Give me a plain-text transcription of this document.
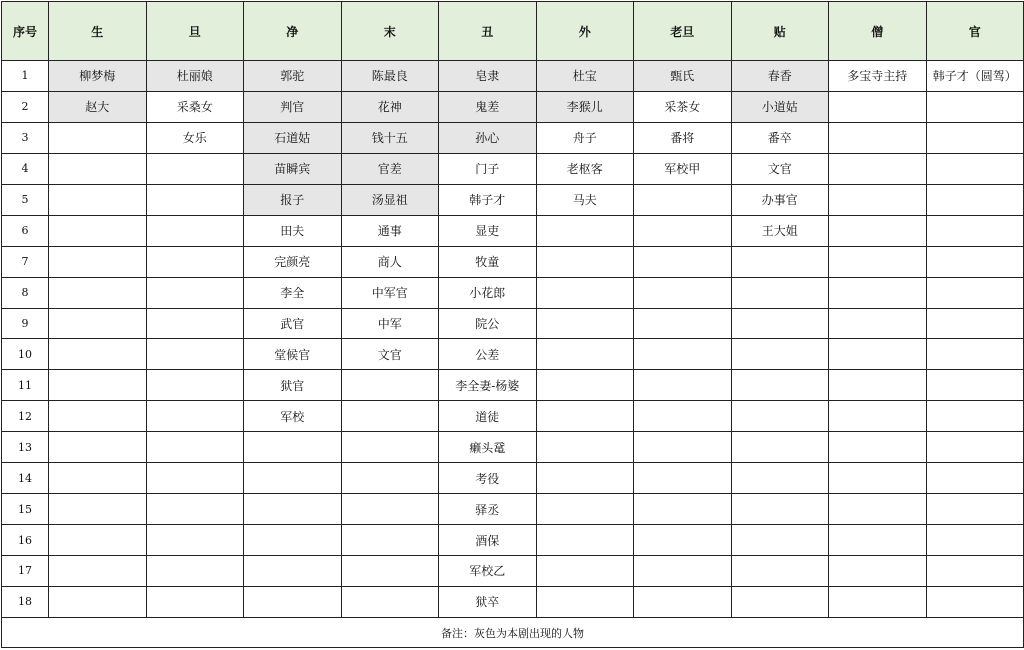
序号	生	旦	净	末	丑	外	老旦	贴	僧	官
1	柳梦梅	杜丽娘	郭驼	陈最良	皂隶	杜宝	甄氏	春香	多宝寺主持	韩子才（圆驾）
2	赵大	采桑女	判官	花神	鬼差	李猴儿	采茶女	小道姑		
3		女乐	石道姑	钱十五	孙心	舟子	番将	番卒		
4			苗瞬宾	官差	门子	老枢客	军校甲	文官		
5			报子	汤显祖	韩子才	马夫		办事官		
6			田夫	通事	显吏			王大姐		
7			完颜亮	商人	牧童					
8			李全	中军官	小花郎					
9			武官	中军	院公					
10			堂候官	文官	公差					
11			狱官		李全妻-杨婆					
12			军校		道徒					
13					癞头鼋					
14					考役					
15					驿丞					
16					酒保					
17					军校乙					
18					狱卒					
备注：灰色为本剧出现的人物										
